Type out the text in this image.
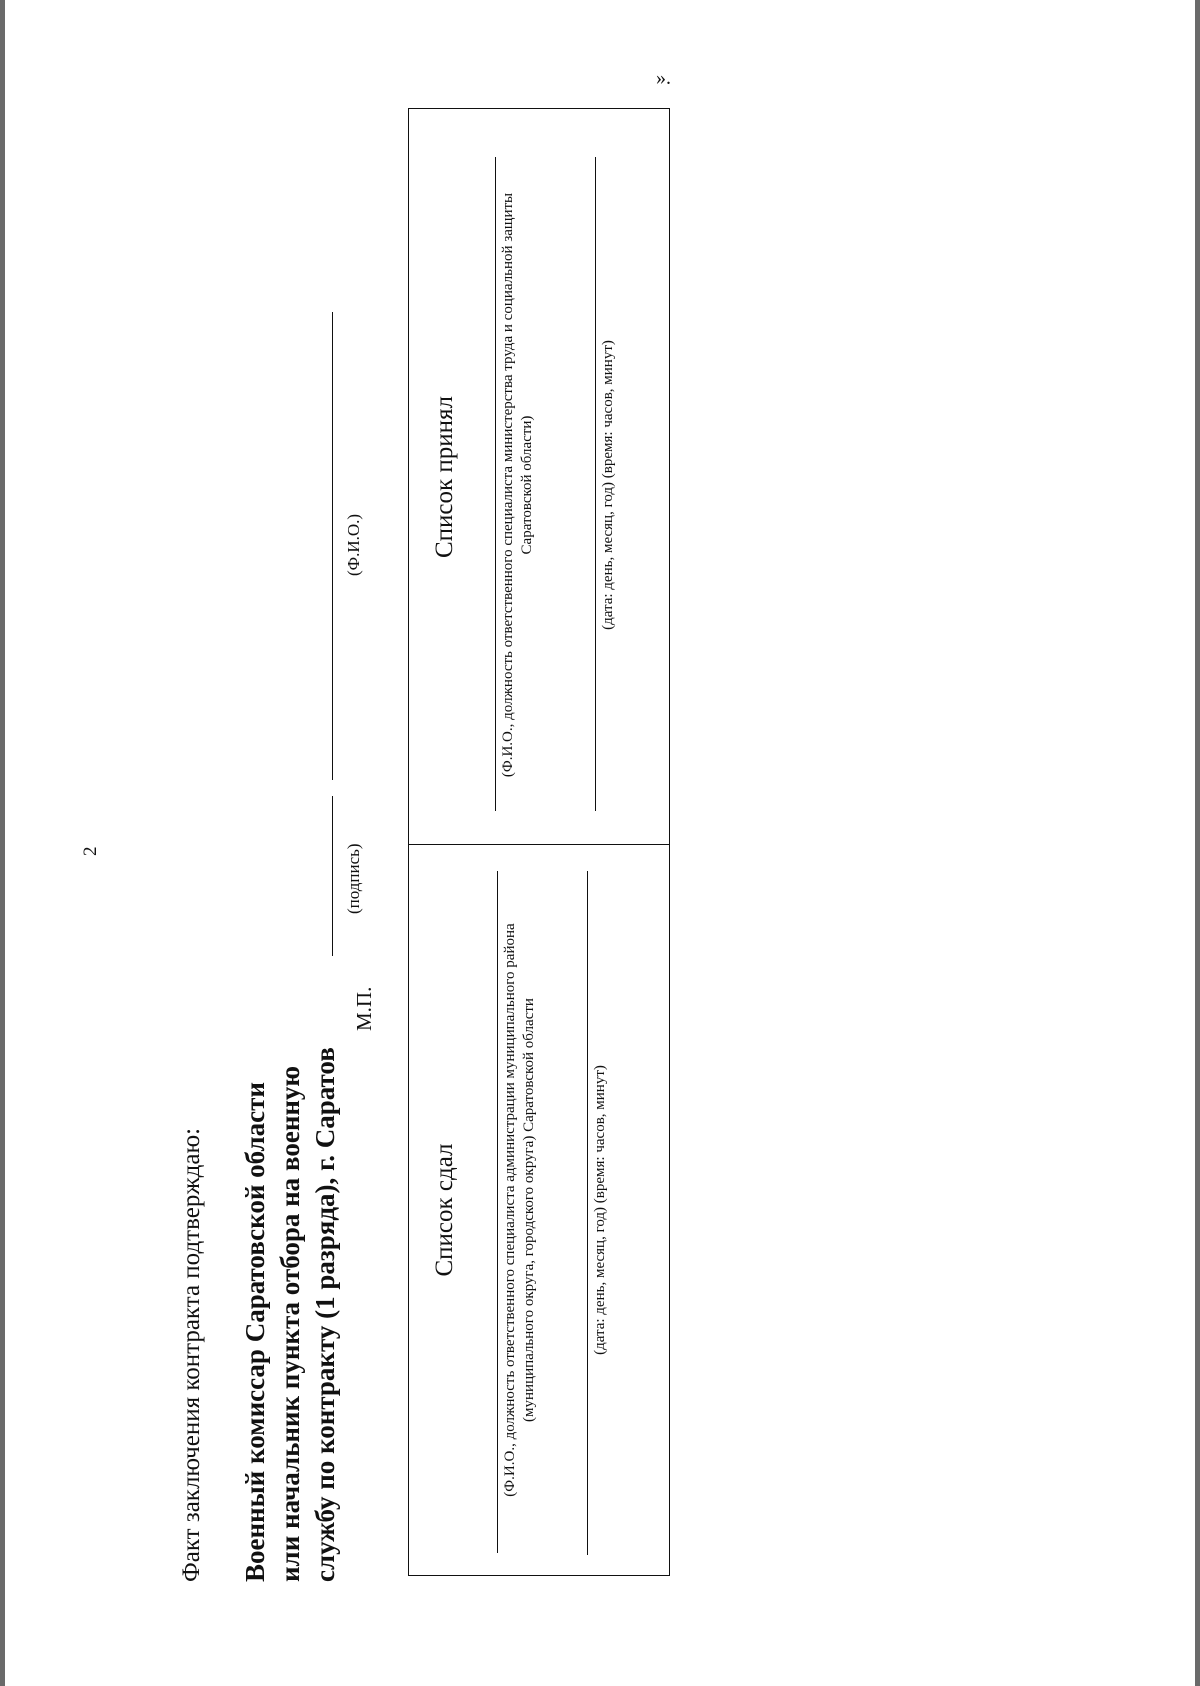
2
Факт заключения контракта подтверждаю: Военный комиссар Саратовской области или начальник пункта отбора на военную службу по контракту (1 разряда), г. Саратов
(подпись)
(Ф.И.О.)
М.П.
Список сдал	(Ф.И.О., должность ответственного специалиста администрации муниципального района (муниципального округа, городского округа) Саратовской области	(дата: день, месяц, год) (время: часов, минут)
Список принял	(Ф.И.О., должность ответственного специалиста министерства труда и социальной защиты Саратовской области)	(дата: день, месяц, год) (время: часов, минут)
».
